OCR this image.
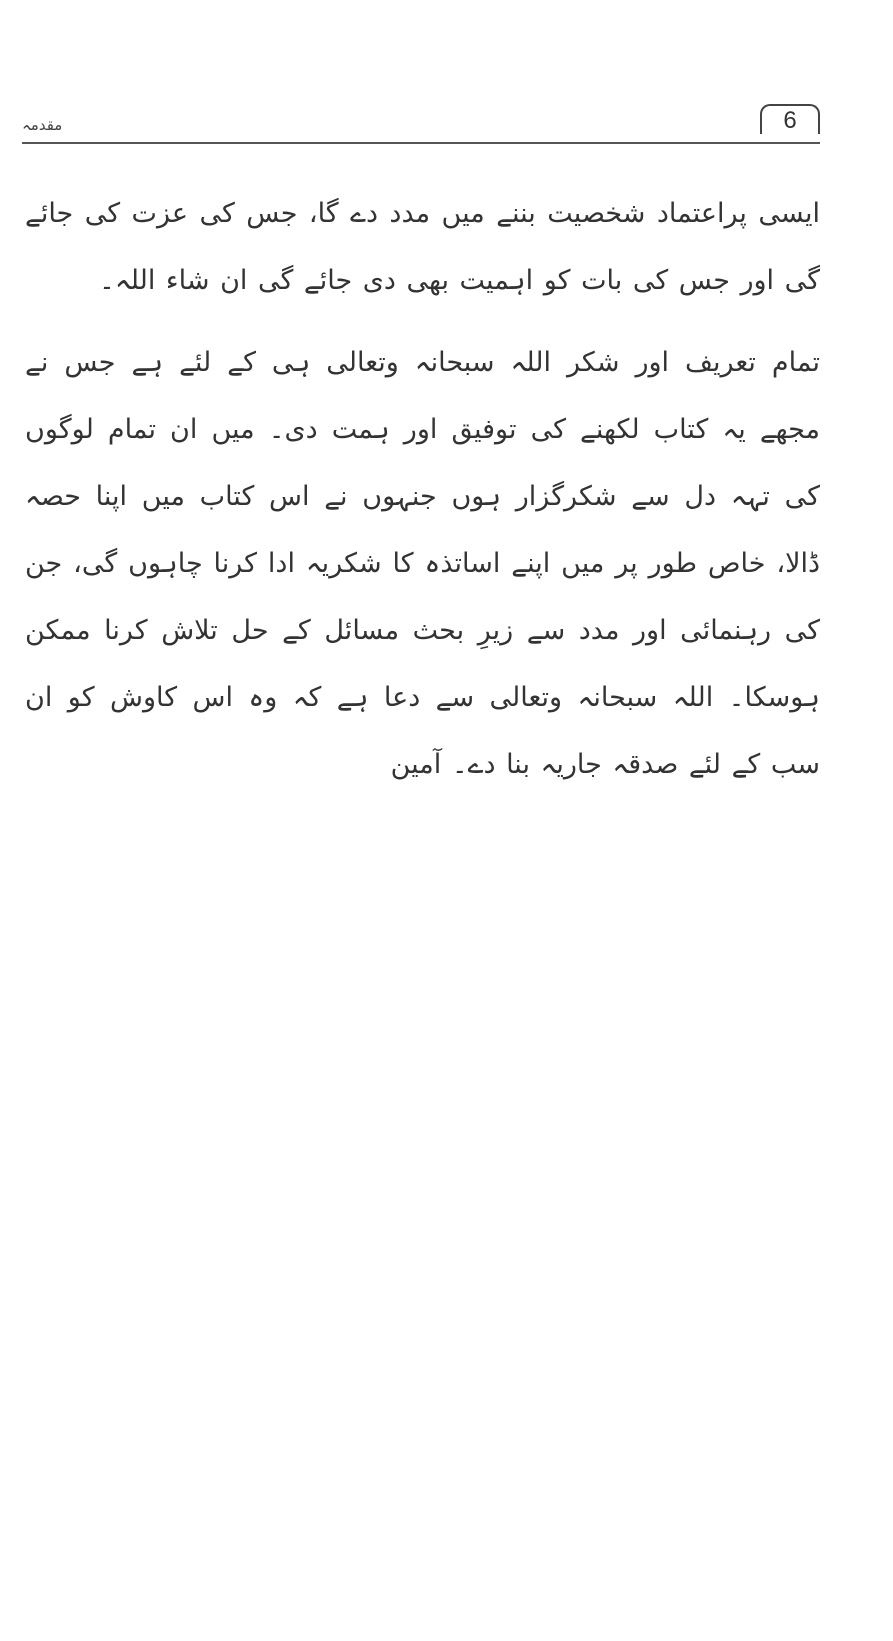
مقدمہ	6

ایسی پراعتماد شخصیت بننے میں مدد دے گا، جس کی عزت کی جائے گی اور جس کی بات کو اہمیت بھی دی جائے گی ان شاء اللہ۔

تمام تعریف اور شکر اللہ سبحانہ وتعالی ہی کے لئے ہے جس نے مجھے یہ کتاب لکھنے کی توفیق اور ہمت دی۔ میں ان تمام لوگوں کی تہہ دل سے شکرگزار ہوں جنہوں نے اس کتاب میں اپنا حصہ ڈالا، خاص طور پر میں اپنے اساتذہ کا شکریہ ادا کرنا چاہوں گی، جن کی رہنمائی اور مدد سے زیرِ بحث مسائل کے حل تلاش کرنا ممکن ہوسکا۔ اللہ سبحانہ وتعالی سے دعا ہے کہ وہ اس کاوش کو ان سب کے لئے صدقہ جاریہ بنا دے۔ آمین
